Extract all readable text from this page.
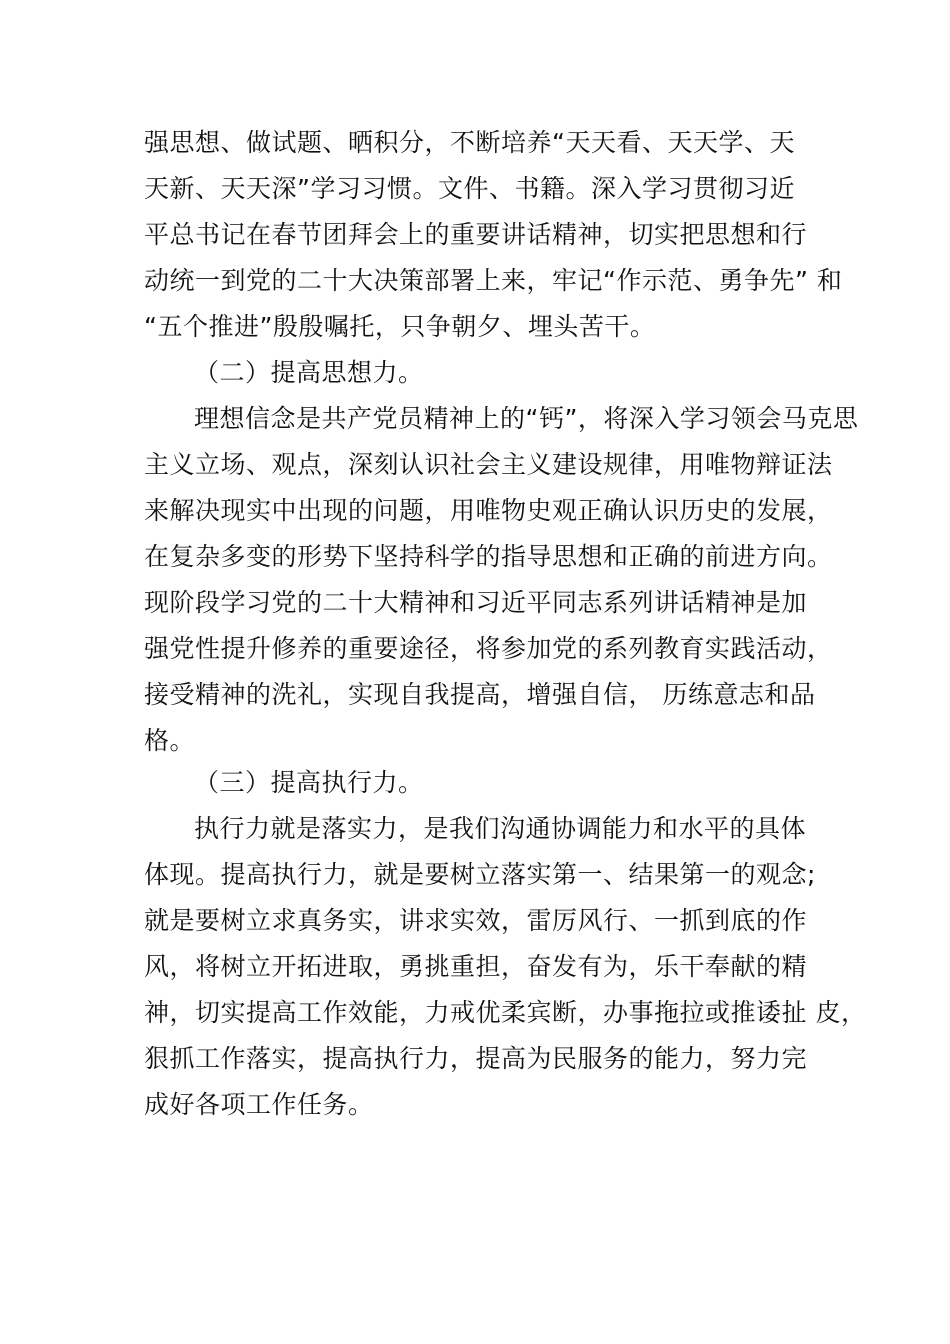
强思想、做试题、晒积分，不断培养“天天看、天天学、天
天新、天天深”学习习惯。文件、书籍。深入学习贯彻习近
平总书记在春节团拜会上的重要讲话精神，切实把思想和行
动统一到党的二十大决策部署上来，牢记“作示范、勇争先” 和
“五个推进”殷殷嘱托，只争朝夕、埋头苦干。
（二）提高思想力。
理想信念是共产党员精神上的“钙”，将深入学习领会马克思
主义立场、观点，深刻认识社会主义建设规律，用唯物辩证法
来解决现实中出现的问题，用唯物史观正确认识历史的发展，
在复杂多变的形势下坚持科学的指导思想和正确的前进方向。
现阶段学习党的二十大精神和习近平同志系列讲话精神是加
强党性提升修养的重要途径，将参加党的系列教育实践活动，
接受精神的洗礼，实现自我提高，增强自信， 历练意志和品
格。
（三）提高执行力。
执行力就是落实力，是我们沟通协调能力和水平的具体
体现。提高执行力，就是要树立落实第一、结果第一的观念;
就是要树立求真务实，讲求实效，雷厉风行、一抓到底的作
风，将树立开拓进取，勇挑重担，奋发有为，乐干奉献的精
神，切实提高工作效能，力戒优柔宾断，办事拖拉或推诿扯 皮，
狠抓工作落实，提高执行力，提高为民服务的能力，努力完
成好各项工作任务。
